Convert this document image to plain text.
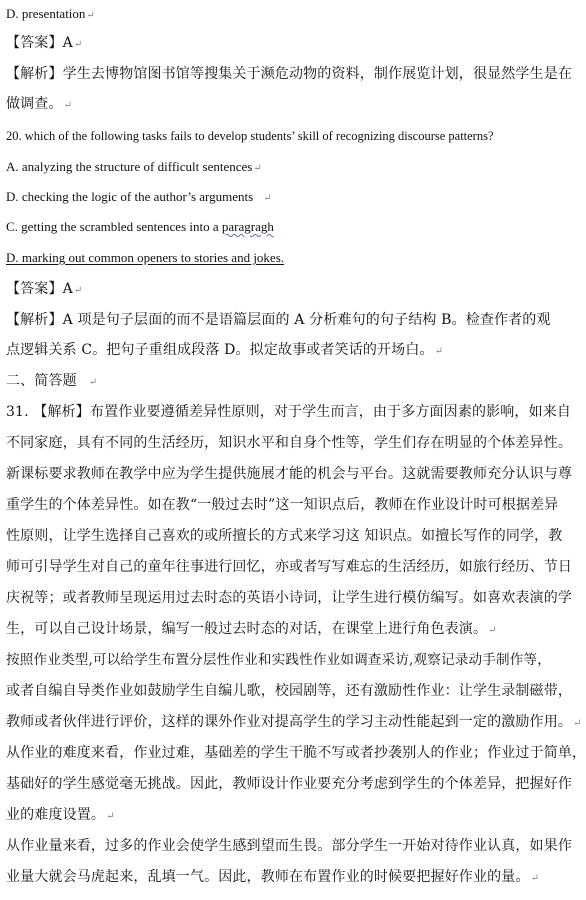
D. presentation↵
【答案】A↵
【解析】学生去博物馆图书馆等搜集关于濒危动物的资料，制作展览计划，很显然学生是在
做调查。↵
20. which of the following tasks fails to develop students’ skill of recognizing discourse patterns?
A. analyzing the structure of difficult sentences↵
D. checking the logic of the author’s arguments ↵
C. getting the scrambled sentences into a paragragh
D. marking out common openers to stories and jokes.
【答案】A↵
【解析】A 项是句子层面的而不是语篇层面的 A 分析难句的句子结构 B。检查作者的观
点逻辑关系 C。把句子重组成段落 D。拟定故事或者笑话的开场白。↵
二、简答题 ↵
31. 【解析】布置作业要遵循差异性原则，对于学生而言，由于多方面因素的影响，如来自
不同家庭，具有不同的生活经历，知识水平和自身个性等，学生们存在明显的个体差异性。
新课标要求教师在教学中应为学生提供施展才能的机会与平台。这就需要教师充分认识与尊
重学生的个体差异性。如在教“一般过去时”这一知识点后，教师在作业设计时可根据差异
性原则，让学生选择自己喜欢的或所擅长的方式来学习这 知识点。如擅长写作的同学，教
师可引导学生对自己的童年往事进行回忆，亦或者写写难忘的生活经历，如旅行经历、节日
庆祝等；或者教师呈现运用过去时态的英语小诗词，让学生进行模仿编写。如喜欢表演的学
生，可以自己设计场景，编写一般过去时态的对话，在课堂上进行角色表演。↵
按照作业类型,可以给学生布置分层性作业和实践性作业如调查采访,观察记录动手制作等，
或者自编自导类作业如鼓励学生自编儿歌，校园剧等，还有激励性作业：让学生录制磁带，
教师或者伙伴进行评价，这样的课外作业对提高学生的学习主动性能起到一定的激励作用。↵
从作业的难度来看，作业过难，基础差的学生干脆不写或者抄袭别人的作业；作业过于简单，
基础好的学生感觉毫无挑战。因此，教师设计作业要充分考虑到学生的个体差异，把握好作
业的难度设置。↵
从作业量来看，过多的作业会使学生感到望而生畏。部分学生一开始对待作业认真，如果作
业量大就会马虎起来，乱填一气。因此，教师在布置作业的时候要把握好作业的量。↵
